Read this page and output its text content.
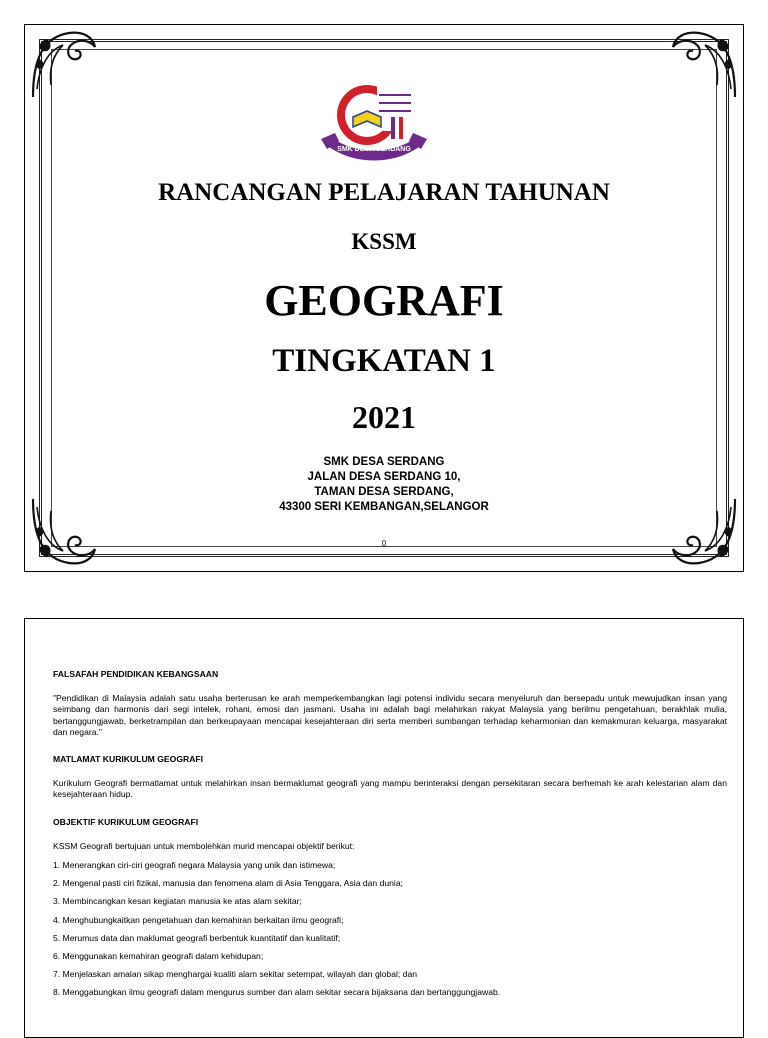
SMK DESA SERDANG
RANCANGAN PELAJARAN TAHUNAN
KSSM
GEOGRAFI
TINGKATAN 1
2021
SMK DESA SERDANG
JALAN DESA SERDANG 10,
TAMAN DESA SERDANG,
43300 SERI KEMBANGAN,SELANGOR
0
FALSAFAH PENDIDIKAN KEBANGSAAN
"Pendidikan di Malaysia adalah satu usaha berterusan ke arah memperkembangkan lagi potensi individu secara menyeluruh dan bersepadu untuk mewujudkan insan yang seimbang dan harmonis dari segi intelek, rohani, emosi dan jasmani. Usaha ini adalah bagi melahirkan rakyat Malaysia yang berilmu pengetahuan, berakhlak mulia, bertanggungjawab, berketrampilan dan berkeupayaan mencapai kesejahteraan diri serta memberi sumbangan terhadap keharmonian dan kemakmuran keluarga, masyarakat dan negara."
MATLAMAT KURIKULUM GEOGRAFI
Kurikulum Geografi bermatlamat untuk melahirkan insan bermaklumat geografi yang mampu berinteraksi dengan persekitaran secara berhemah ke arah kelestarian alam dan kesejahteraan hidup.
OBJEKTIF KURIKULUM GEOGRAFI
KSSM Geografi bertujuan untuk membolehkan murid mencapai objektif berikut:
1. Menerangkan ciri-ciri geografi negara Malaysia yang unik dan istimewa;
2. Mengenal pasti ciri fizikal, manusia dan fenomena alam di Asia Tenggara, Asia dan dunia;
3. Membincangkan kesan kegiatan manusia ke atas alam sekitar;
4. Menghubungkaitkan pengetahuan dan kemahiran berkaitan ilmu geografi;
5. Merumus data dan maklumat geografi berbentuk kuantitatif dan kualitatif;
6. Menggunakan kemahiran geografi dalam kehidupan;
7. Menjelaskan amalan sikap menghargai kualiti alam sekitar setempat, wilayah dan global; dan
8. Menggabungkan ilmu geografi dalam mengurus sumber dan alam sekitar secara bijaksana dan bertanggungjawab.
